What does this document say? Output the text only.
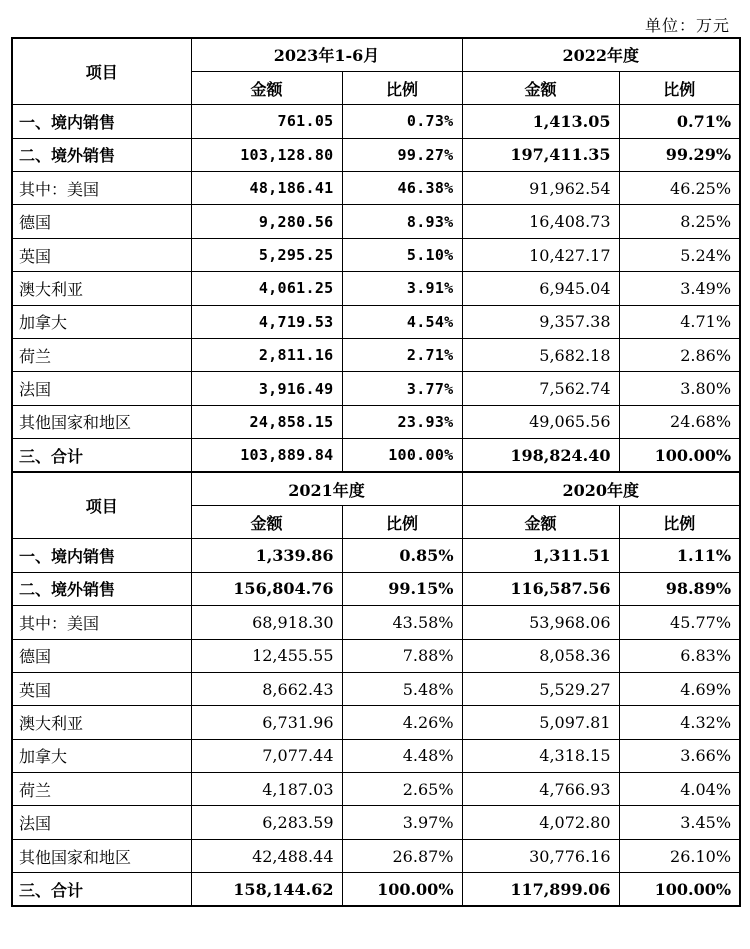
单位：万元
项目	2023年1-6月		2022年度	
	金额	比例	金额	比例
一、境内销售	761.05	0.73%	1,413.05	0.71%
二、境外销售	103,128.80	99.27%	197,411.35	99.29%
其中：美国	48,186.41	46.38%	91,962.54	46.25%
德国	9,280.56	8.93%	16,408.73	8.25%
英国	5,295.25	5.10%	10,427.17	5.24%
澳大利亚	4,061.25	3.91%	6,945.04	3.49%
加拿大	4,719.53	4.54%	9,357.38	4.71%
荷兰	2,811.16	2.71%	5,682.18	2.86%
法国	3,916.49	3.77%	7,562.74	3.80%
其他国家和地区	24,858.15	23.93%	49,065.56	24.68%
三、合计	103,889.84	100.00%	198,824.40	100.00%
项目	2021年度		2020年度	
	金额	比例	金额	比例
一、境内销售	1,339.86	0.85%	1,311.51	1.11%
二、境外销售	156,804.76	99.15%	116,587.56	98.89%
其中：美国	68,918.30	43.58%	53,968.06	45.77%
德国	12,455.55	7.88%	8,058.36	6.83%
英国	8,662.43	5.48%	5,529.27	4.69%
澳大利亚	6,731.96	4.26%	5,097.81	4.32%
加拿大	7,077.44	4.48%	4,318.15	3.66%
荷兰	4,187.03	2.65%	4,766.93	4.04%
法国	6,283.59	3.97%	4,072.80	3.45%
其他国家和地区	42,488.44	26.87%	30,776.16	26.10%
三、合计	158,144.62	100.00%	117,899.06	100.00%
